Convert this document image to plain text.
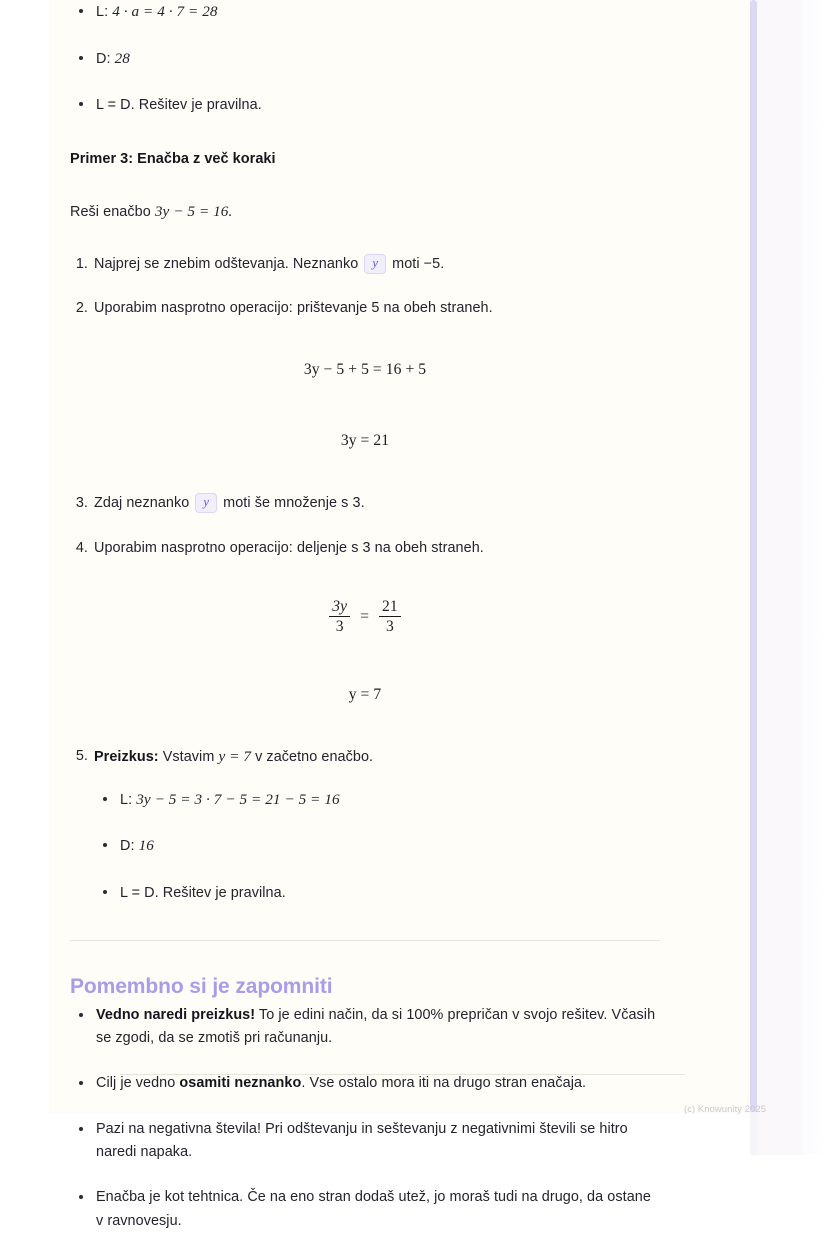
L: 4 · a = 4 · 7 = 28
D: 28
L = D. Rešitev je pravilna.
Primer 3: Enačba z več koraki
Reši enačbo 3y − 5 = 16.
1. Najprej se znebim odštevanja. Neznanko y moti −5.
2. Uporabim nasprotno operacijo: prištevanje 5 na obeh straneh.
3y − 5 + 5 = 16 + 5
3y = 21
3. Zdaj neznanko y moti še množenje s 3.
4. Uporabim nasprotno operacijo: deljenje s 3 na obeh straneh.
$\frac{3y}{3} = \frac{21}{3}$
y = 7
5. Preizkus: Vstavim y = 7 v začetno enačbo.
L: 3y − 5 = 3 · 7 − 5 = 21 − 5 = 16
D: 16
L = D. Rešitev je pravilna.
Pomembno si je zapomniti
Vedno naredi preizkus! To je edini način, da si 100% prepričan v svojo rešitev. Včasih se zgodi, da se zmotiš pri računanju.
Cilj je vedno osamiti neznanko. Vse ostalo mora iti na drugo stran enačaja.
Pazi na negativna števila! Pri odštevanju in seštevanju z negativnimi števili se hitro naredi napaka.
Enačba je kot tehtnica. Če na eno stran dodaš utež, jo moraš tudi na drugo, da ostane v ravnovesju.
(c) Knowunity 2025
